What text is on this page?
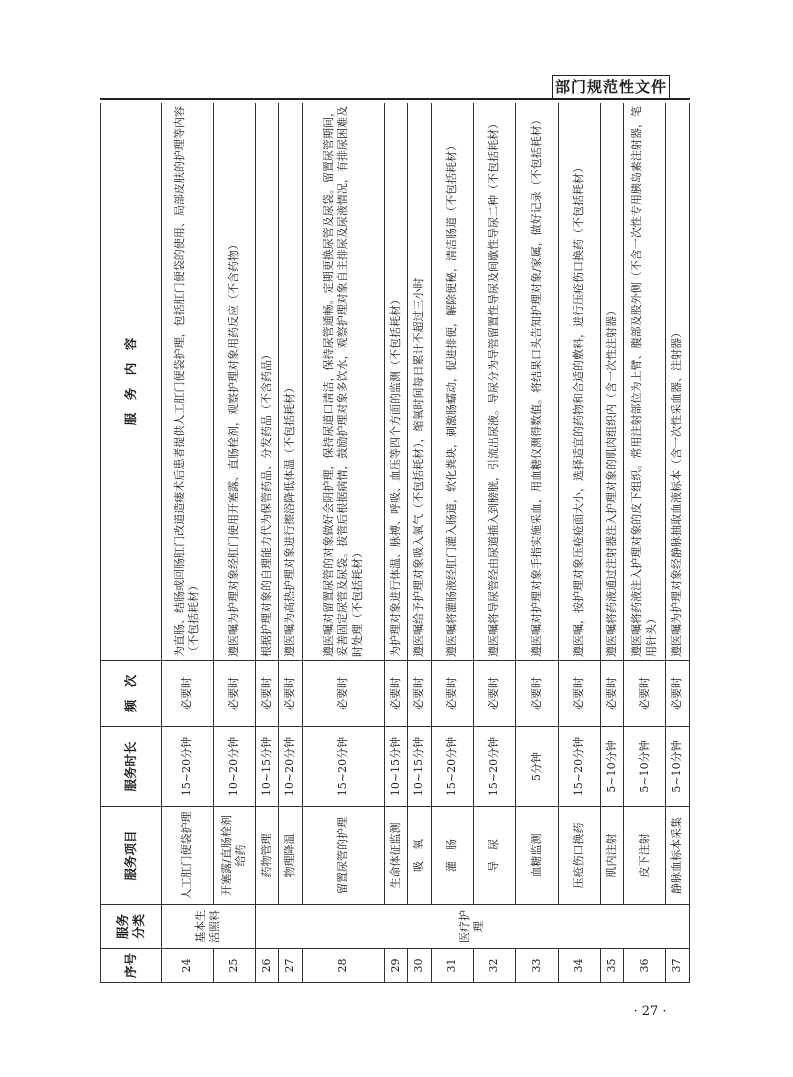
部门规范性文件
序号	服务分类	服务项目	服务时长	频　次	服　务　内　容
24	基本生活照料	人工肛门便袋护理	15~20分钟	必要时	为直肠、结肠或回肠肛门改道造瘘术后患者提供人工肛门便袋护理，包括肛门便袋的使用、局部皮肤的护理等内容（不包括耗材）
25		开塞露/直肠栓剂给药	10~20分钟	必要时	遵医嘱为护理对象经肛门使用开塞露、直肠栓剂，观察护理对象用药反应（不含药物）
26	医疗护理	药物管理	10~15分钟	必要时	根据护理对象的自理能力代为保管药品、分发药品（不含药品）
27		物理降温	10~20分钟	必要时	遵医嘱为高热护理对象进行擦浴降低体温（不包括耗材）
28		留置尿管的护理	15~20分钟	必要时	遵医嘱对留置尿管的对象做好会阴护理，保持尿道口清洁，保持尿管通畅。定期更换尿管及尿袋。留置尿管期间，妥善固定尿管及尿袋。拔管后根据病情，鼓励护理对象多饮水，观察护理对象自主排尿及尿液情况，有排尿困难及时处理（不包括耗材）
29		生命体征监测	10~15分钟	必要时	为护理对象进行体温、脉搏、呼吸、血压等四个方面的监测（不包括耗材）
30		吸　氧	10~15分钟	必要时	遵医嘱给予护理对象吸入氧气（不包括耗材），缩氧时间每日累计不超过三小时
31		灌　肠	15~20分钟	必要时	遵医嘱将灌肠液经肛门灌入肠道，软化粪块，刺激肠蠕动，促进排便，解除便秘，清洁肠道（不包括耗材）
32		导　尿	15~20分钟	必要时	遵医嘱将导尿管经由尿道插入到膀胱，引流出尿液。导尿分为导管留置性导尿及间歇性导尿二种（不包括耗材）
33		血糖监测	5分钟	必要时	遵医嘱对护理对象手指实施采血，用血糖仪测得数值。将结果口头告知护理对象/家属，做好记录（不包括耗材）
34		压疮伤口换药	15~20分钟	必要时	遵医嘱，按护理对象压疮疮面大小，选择适宜的药物和合适的敷料，进行压疮伤口换药（不包括耗材）
35		肌内注射	5~10分钟	必要时	遵医嘱将药液通过注射器注入护理对象的肌肉组织内（含一次性注射器）
36		皮下注射	5~10分钟	必要时	遵医嘱将药液注入护理对象的皮下组织。常用注射部位为上臂、腹部及股外侧（不含一次性专用胰岛素注射器，笔用针头）
37		静脉血标本采集	5~10分钟	必要时	遵医嘱为护理对象经静脉抽取血液标本（含一次性采血器、注射器）
· 27 ·
